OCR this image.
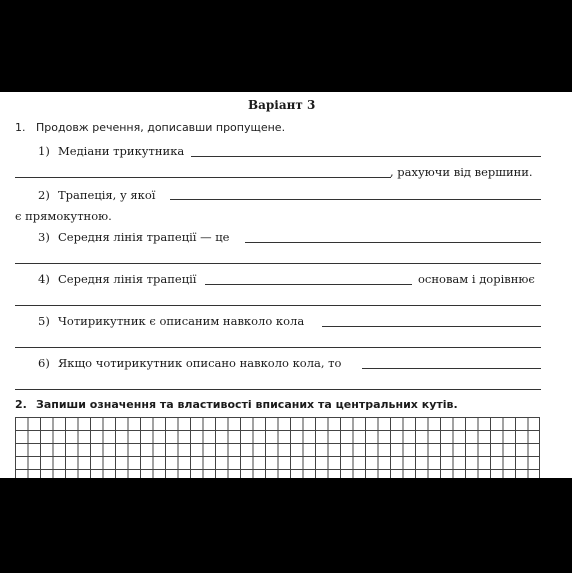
Варіант 3
1. Продовж речення, дописавши пропущене.
1) Медіани трикутника
, рахуючи від вершини.
2) Трапеція, у якої
є прямокутною.
3) Середня лінія трапеції — це
4) Середня лінія трапеції	основам і дорівнює
5) Чотирикутник є описаним навколо кола
6) Якщо чотирикутник описано навколо кола, то
2. Запиши означення та властивості вписаних та центральних кутів.
